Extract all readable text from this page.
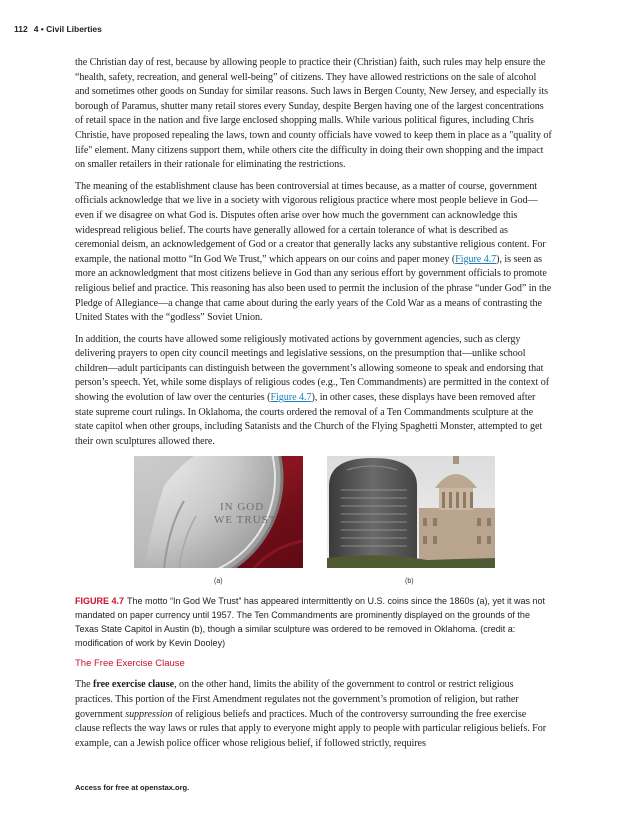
112 4 • Civil Liberties

the Christian day of rest, because by allowing people to practice their (Christian) faith, such rules may help ensure the “health, safety, recreation, and general well-being” of citizens. They have allowed restrictions on the sale of alcohol and sometimes other goods on Sunday for similar reasons. Such laws in Bergen County, New Jersey, and especially its borough of Paramus, shutter many retail stores every Sunday, despite Bergen having one of the largest concentrations of retail space in the nation and five large enclosed shopping malls. While various political figures, including Chris Christie, have proposed repealing the laws, town and county officials have vowed to keep them in place as a "quality of life" element. Many citizens support them, while others cite the difficulty in doing their own shopping and the impact on smaller retailers in their rationale for eliminating the restrictions.

The meaning of the establishment clause has been controversial at times because, as a matter of course, government officials acknowledge that we live in a society with vigorous religious practice where most people believe in God—even if we disagree on what God is. Disputes often arise over how much the government can acknowledge this widespread religious belief. The courts have generally allowed for a certain tolerance of what is described as ceremonial deism, an acknowledgement of God or a creator that generally lacks any substantive religious content. For example, the national motto “In God We Trust,” which appears on our coins and paper money (Figure 4.7), is seen as more an acknowledgment that most citizens believe in God than any serious effort by government officials to promote religious belief and practice. This reasoning has also been used to permit the inclusion of the phrase “under God” in the Pledge of Allegiance—a change that came about during the early years of the Cold War as a means of contrasting the United States with the “godless” Soviet Union.

In addition, the courts have allowed some religiously motivated actions by government agencies, such as clergy delivering prayers to open city council meetings and legislative sessions, on the presumption that—unlike school children—adult participants can distinguish between the government’s allowing someone to speak and endorsing that person’s speech. Yet, while some displays of religious codes (e.g., Ten Commandments) are permitted in the context of showing the evolution of law over the centuries (Figure 4.7), in other cases, these displays have been removed after state supreme court rulings. In Oklahoma, the courts ordered the removal of a Ten Commandments sculpture at the state capitol when other groups, including Satanists and the Church of the Flying Spaghetti Monster, attempted to get their own sculptures allowed there.

IN GOD
WE TRUST
(a)	(b)

FIGURE 4.7 The motto “In God We Trust” has appeared intermittently on U.S. coins since the 1860s (a), yet it was not mandated on paper currency until 1957. The Ten Commandments are prominently displayed on the grounds of the Texas State Capitol in Austin (b), though a similar sculpture was ordered to be removed in Oklahoma. (credit a: modification of work by Kevin Dooley)

The Free Exercise Clause

The free exercise clause, on the other hand, limits the ability of the government to control or restrict religious practices. This portion of the First Amendment regulates not the government’s promotion of religion, but rather government suppression of religious beliefs and practices. Much of the controversy surrounding the free exercise clause reflects the way laws or rules that apply to everyone might apply to people with particular religious beliefs. For example, can a Jewish police officer whose religious belief, if followed strictly, requires

Access for free at openstax.org.
